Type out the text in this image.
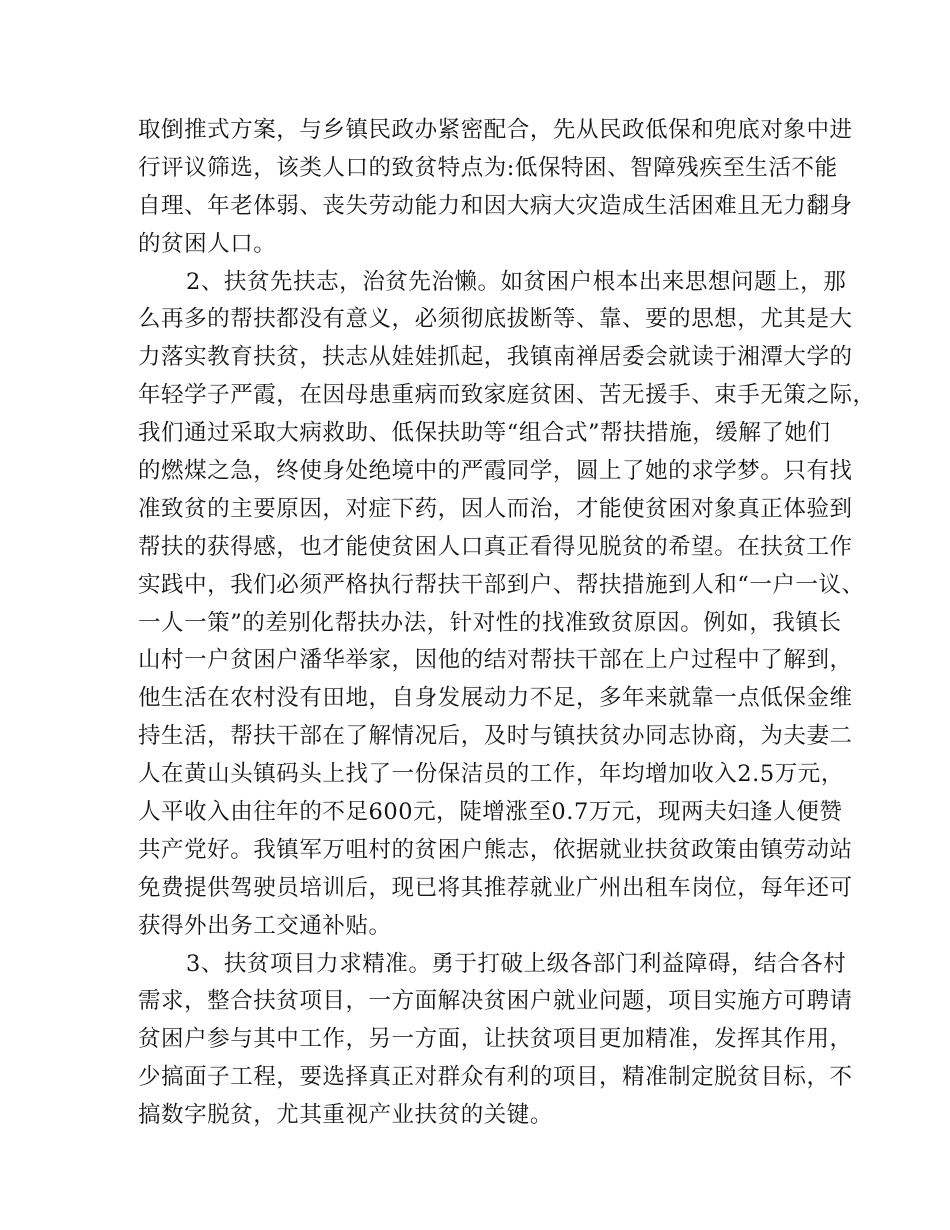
取倒推式方案，与乡镇民政办紧密配合，先从民政低保和兜底对象中进
行评议筛选，该类人口的致贫特点为:低保特困、智障残疾至生活不能
自理、年老体弱、丧失劳动能力和因大病大灾造成生活困难且无力翻身
的贫困人口。
2、扶贫先扶志，治贫先治懒。如贫困户根本出来思想问题上，那
么再多的帮扶都没有意义，必须彻底拔断等、靠、要的思想，尤其是大
力落实教育扶贫，扶志从娃娃抓起，我镇南禅居委会就读于湘潭大学的
年轻学子严霞，在因母患重病而致家庭贫困、苦无援手、束手无策之际，
我们通过采取大病救助、低保扶助等“组合式”帮扶措施，缓解了她们
的燃煤之急，终使身处绝境中的严霞同学，圆上了她的求学梦。只有找
准致贫的主要原因，对症下药，因人而治，才能使贫困对象真正体验到
帮扶的获得感，也才能使贫困人口真正看得见脱贫的希望。在扶贫工作
实践中，我们必须严格执行帮扶干部到户、帮扶措施到人和“一户一议、
一人一策”的差别化帮扶办法，针对性的找准致贫原因。例如，我镇长
山村一户贫困户潘华举家，因他的结对帮扶干部在上户过程中了解到，
他生活在农村没有田地，自身发展动力不足，多年来就靠一点低保金维
持生活，帮扶干部在了解情况后，及时与镇扶贫办同志协商，为夫妻二
人在黄山头镇码头上找了一份保洁员的工作，年均增加收入2.5万元，
人平收入由往年的不足600元，陡增涨至0.7万元，现两夫妇逢人便赞
共产党好。我镇军万咀村的贫困户熊志，依据就业扶贫政策由镇劳动站
免费提供驾驶员培训后，现已将其推荐就业广州出租车岗位，每年还可
获得外出务工交通补贴。
3、扶贫项目力求精准。勇于打破上级各部门利益障碍，结合各村
需求，整合扶贫项目，一方面解决贫困户就业问题，项目实施方可聘请
贫困户参与其中工作，另一方面，让扶贫项目更加精准，发挥其作用，
少搞面子工程，要选择真正对群众有利的项目，精准制定脱贫目标，不
搞数字脱贫，尤其重视产业扶贫的关键。
